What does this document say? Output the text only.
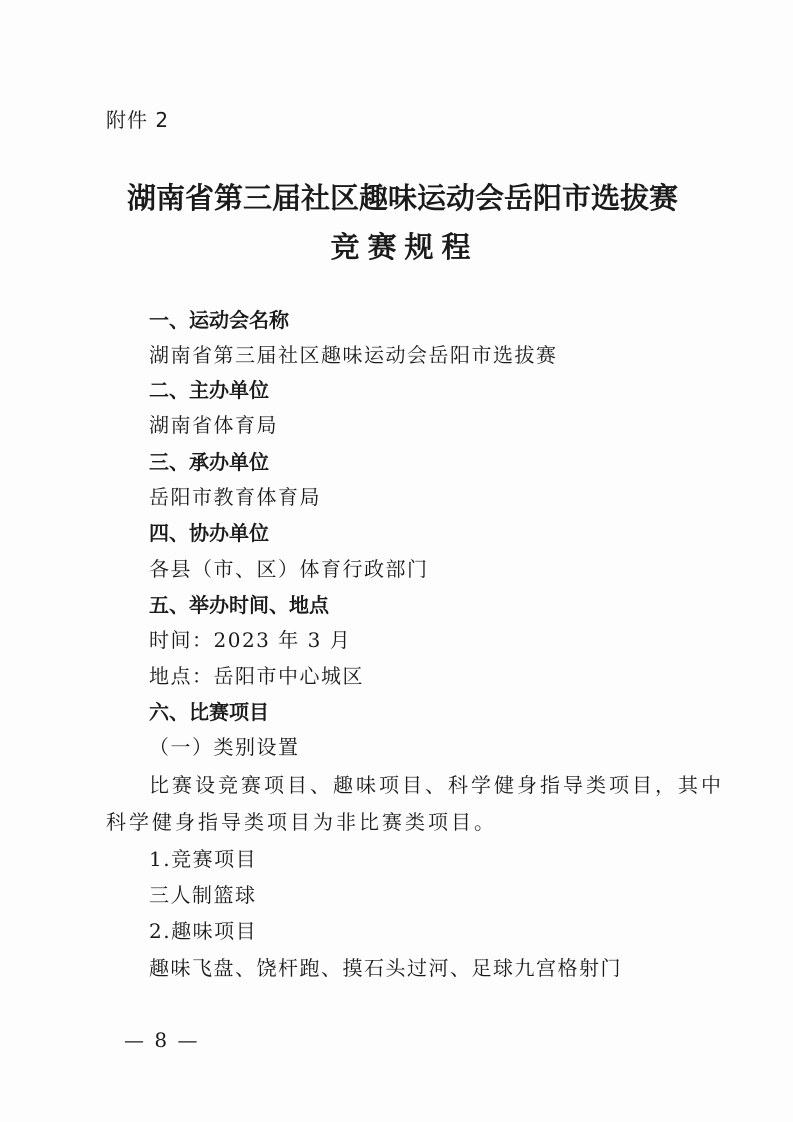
附件 2
湖南省第三届社区趣味运动会岳阳市选拔赛
竞赛规程
一、运动会名称
湖南省第三届社区趣味运动会岳阳市选拔赛
二、主办单位
湖南省体育局
三、承办单位
岳阳市教育体育局
四、协办单位
各县（市、区）体育行政部门
五、举办时间、地点
时间：2023 年 3 月
地点：岳阳市中心城区
六、比赛项目
（一）类别设置
比赛设竞赛项目、趣味项目、科学健身指导类项目，其中
科学健身指导类项目为非比赛类项目。
1.竞赛项目
三人制篮球
2.趣味项目
趣味飞盘、饶杆跑、摸石头过河、足球九宫格射门
— 8 —
